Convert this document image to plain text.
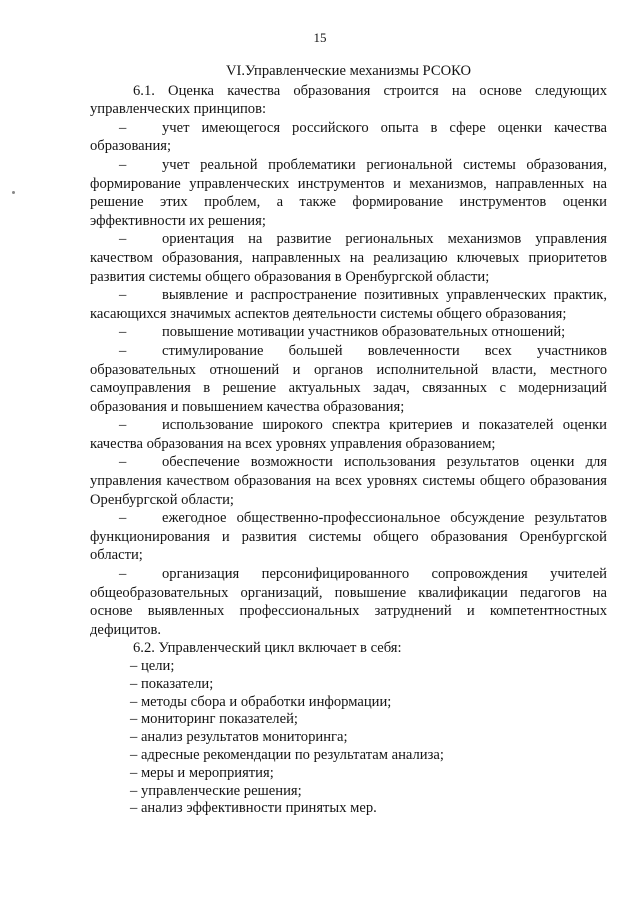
15
VI.Управленческие механизмы РСОКО

6.1. Оценка качества образования строится на основе следующих управленческих принципов:

– учет имеющегося российского опыта в сфере оценки качества образования;

– учет реальной проблематики региональной системы образования, формирование управленческих инструментов и механизмов, направленных на решение этих проблем, а также формирование инструментов оценки эффективности их решения;

– ориентация на развитие региональных механизмов управления качеством образования, направленных на реализацию ключевых приоритетов развития системы общего образования в Оренбургской области;

– выявление и распространение позитивных управленческих практик, касающихся значимых аспектов деятельности системы общего образования;

– повышение мотивации участников образовательных отношений;

– стимулирование большей вовлеченности всех участников образовательных отношений и органов исполнительной власти, местного самоуправления в решение актуальных задач, связанных с модернизаций образования и повышением качества образования;

– использование широкого спектра критериев и показателей оценки качества образования на всех уровнях управления образованием;

– обеспечение возможности использования результатов оценки для управления качеством образования на всех уровнях системы общего образования Оренбургской области;

– ежегодное общественно-профессиональное обсуждение результатов функционирования и развития системы общего образования Оренбургской области;

– организация персонифицированного сопровождения учителей общеобразовательных организаций, повышение квалификации педагогов на основе выявленных профессиональных затруднений и компетентностных дефицитов.

6.2. Управленческий цикл включает в себя:

– цели;
– показатели;
– методы сбора и обработки информации;
– мониторинг показателей;
– анализ результатов мониторинга;
– адресные рекомендации по результатам анализа;
– меры и мероприятия;
– управленческие решения;
– анализ эффективности принятых мер.
